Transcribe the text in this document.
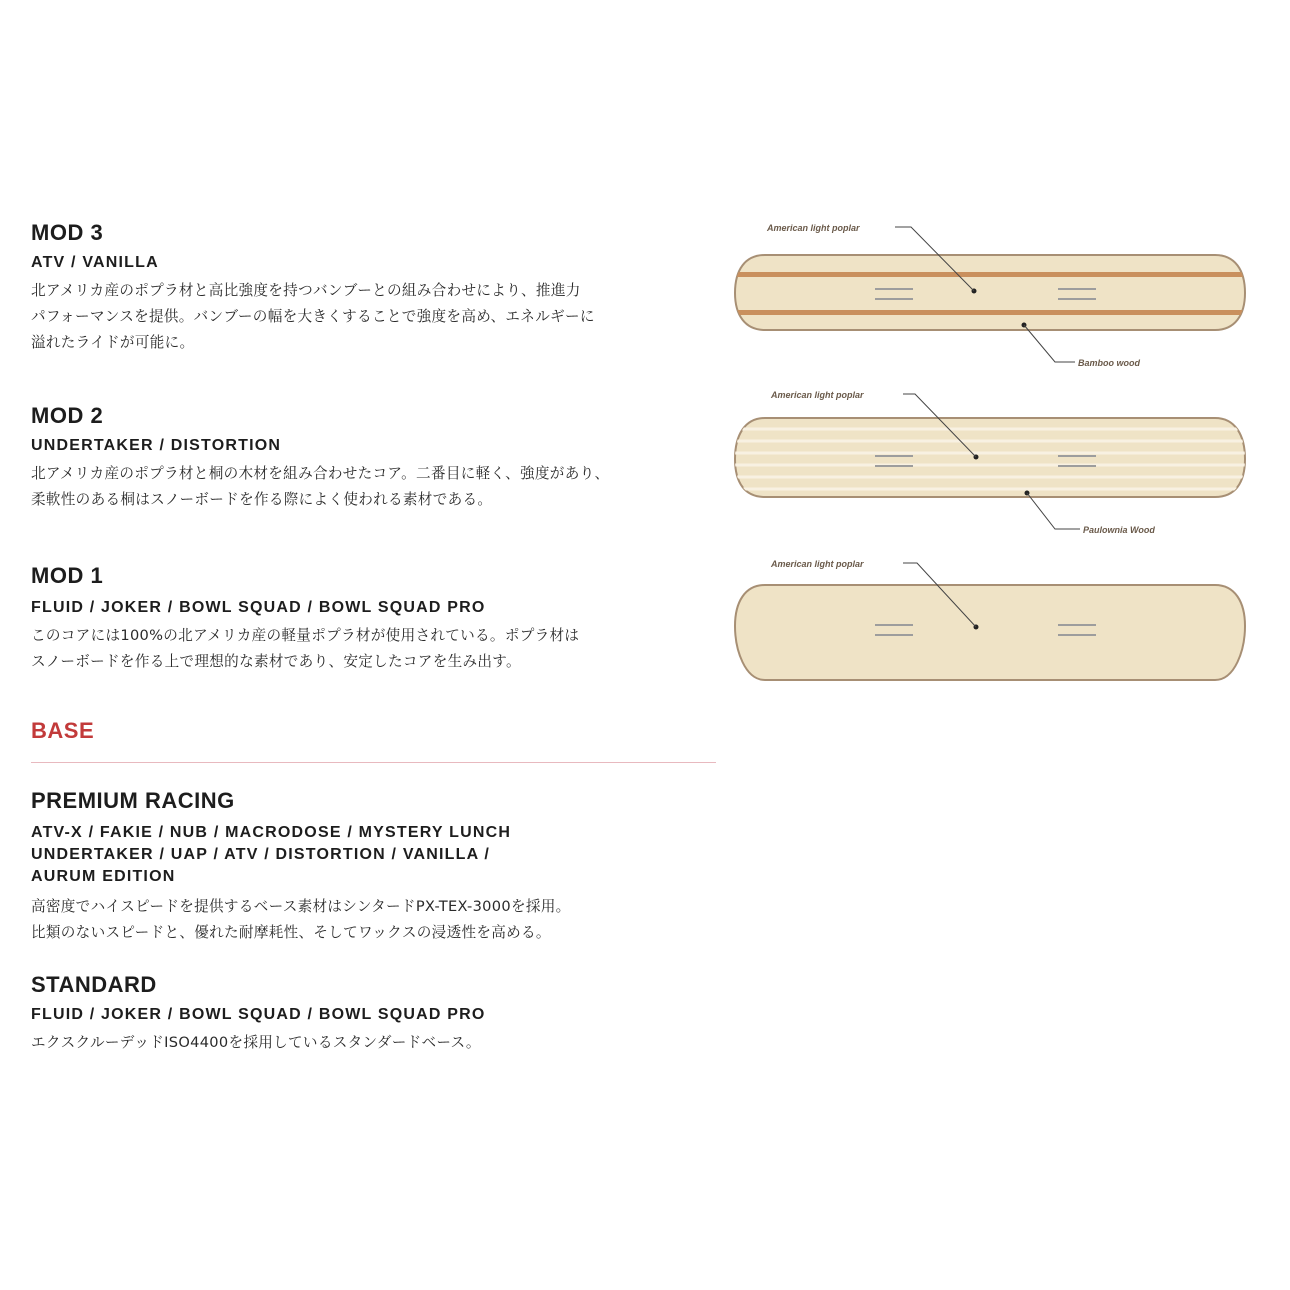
MOD 3
ATV / VANILLA
北アメリカ産のポプラ材と高比強度を持つバンブーとの組み合わせにより、推進力
パフォーマンスを提供。バンブーの幅を大きくすることで強度を高め、エネルギーに
溢れたライドが可能に。
MOD 2
UNDERTAKER / DISTORTION
北アメリカ産のポプラ材と桐の木材を組み合わせたコア。二番目に軽く、強度があり、
柔軟性のある桐はスノーボードを作る際によく使われる素材である。
MOD 1
FLUID / JOKER / BOWL SQUAD / BOWL SQUAD PRO
このコアには100%の北アメリカ産の軽量ポプラ材が使用されている。ポプラ材は
スノーボードを作る上で理想的な素材であり、安定したコアを生み出す。
BASE
PREMIUM RACING
ATV-X / FAKIE / NUB / MACRODOSE / MYSTERY LUNCH
UNDERTAKER / UAP / ATV / DISTORTION / VANILLA /
AURUM EDITION
高密度でハイスピードを提供するベース素材はシンタードPX-TEX-3000を採用。
比類のないスピードと、優れた耐摩耗性、そしてワックスの浸透性を高める。
STANDARD
FLUID / JOKER / BOWL SQUAD / BOWL SQUAD PRO
エクスクルーデッドISO4400を採用しているスタンダードベース。
American light poplar
Bamboo wood
American light poplar
Paulownia Wood
American light poplar
